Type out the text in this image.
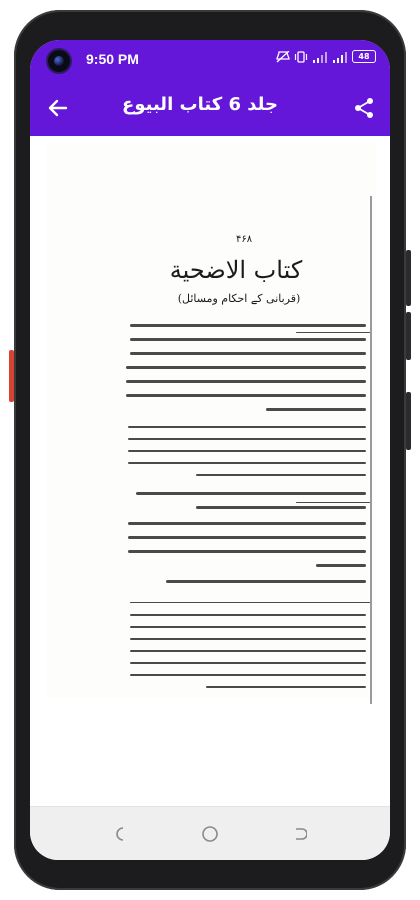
9:50 PM	48
جلد 6 كتاب البيوع
۴۶۸
كتاب الاضحية
(قربانی کے احکام ومسائل)
